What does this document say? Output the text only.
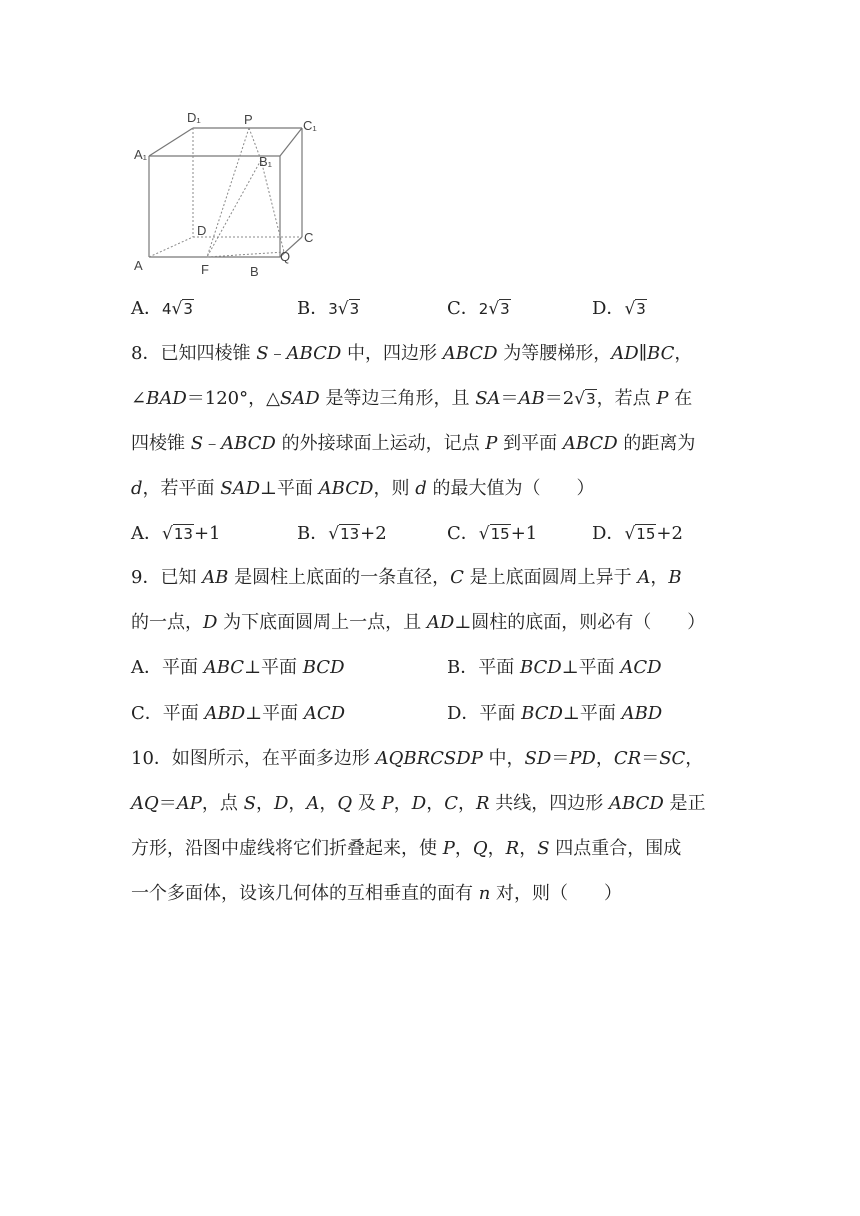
D₁	P	C₁
A₁	B₁
D	C
A	F	B
Q
A．4√3	B．3√3	C．2√3	D．√3
8．已知四棱锥 S﹣ABCD 中，四边形 ABCD 为等腰梯形，AD∥BC，
∠BAD＝120°，△SAD 是等边三角形，且 SA＝AB＝2√3，若点 P 在
四棱锥 S﹣ABCD 的外接球面上运动，记点 P 到平面 ABCD 的距离为
d，若平面 SAD⊥平面 ABCD，则 d 的最大值为（　　）
A．√13+1	B．√13+2	C．√15+1	D．√15+2
9．已知 AB 是圆柱上底面的一条直径，C 是上底面圆周上异于 A，B
的一点，D 为下底面圆周上一点，且 AD⊥圆柱的底面，则必有（　　）
A．平面 ABC⊥平面 BCD	B．平面 BCD⊥平面 ACD
C．平面 ABD⊥平面 ACD	D．平面 BCD⊥平面 ABD
10．如图所示，在平面多边形 AQBRCSDP 中，SD＝PD，CR＝SC，
AQ＝AP，点 S，D，A，Q 及 P，D，C，R 共线，四边形 ABCD 是正
方形，沿图中虚线将它们折叠起来，使 P，Q，R，S 四点重合，围成
一个多面体，设该几何体的互相垂直的面有 n 对，则（　　）
